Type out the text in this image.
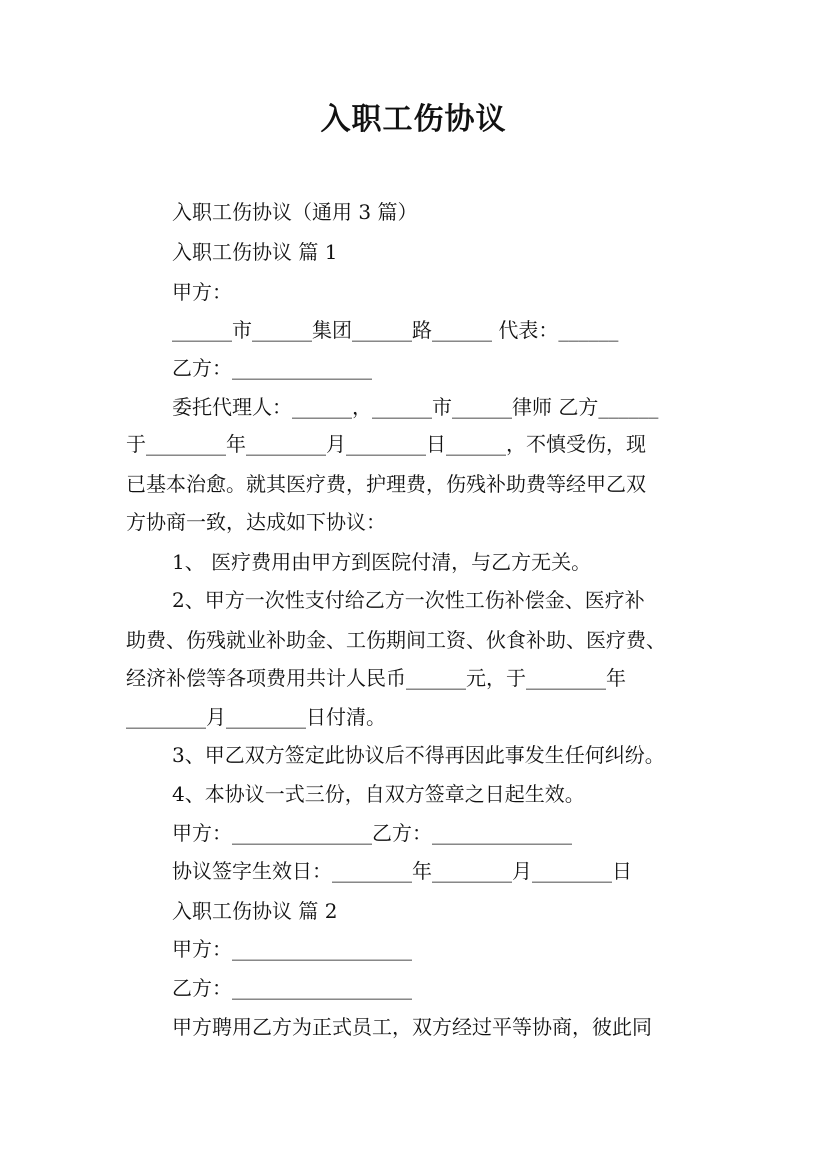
入职工伤协议
入职工伤协议（通用 3 篇）
入职工伤协议 篇 1
甲方：
______市______集团______路______ 代表：______
乙方：______________
委托代理人：______，______市______律师 乙方______
于________年________月________日______，不慎受伤，现
已基本治愈。就其医疗费，护理费，伤残补助费等经甲乙双
方协商一致，达成如下协议：
1、 医疗费用由甲方到医院付清，与乙方无关。
2、甲方一次性支付给乙方一次性工伤补偿金、医疗补
助费、伤残就业补助金、工伤期间工资、伙食补助、医疗费、
经济补偿等各项费用共计人民币______元，于________年
________月________日付清。
3、甲乙双方签定此协议后不得再因此事发生任何纠纷。
4、本协议一式三份，自双方签章之日起生效。
甲方：______________乙方：______________
协议签字生效日：________年________月________日
入职工伤协议 篇 2
甲方：__________________
乙方：__________________
甲方聘用乙方为正式员工，双方经过平等协商，彼此同
